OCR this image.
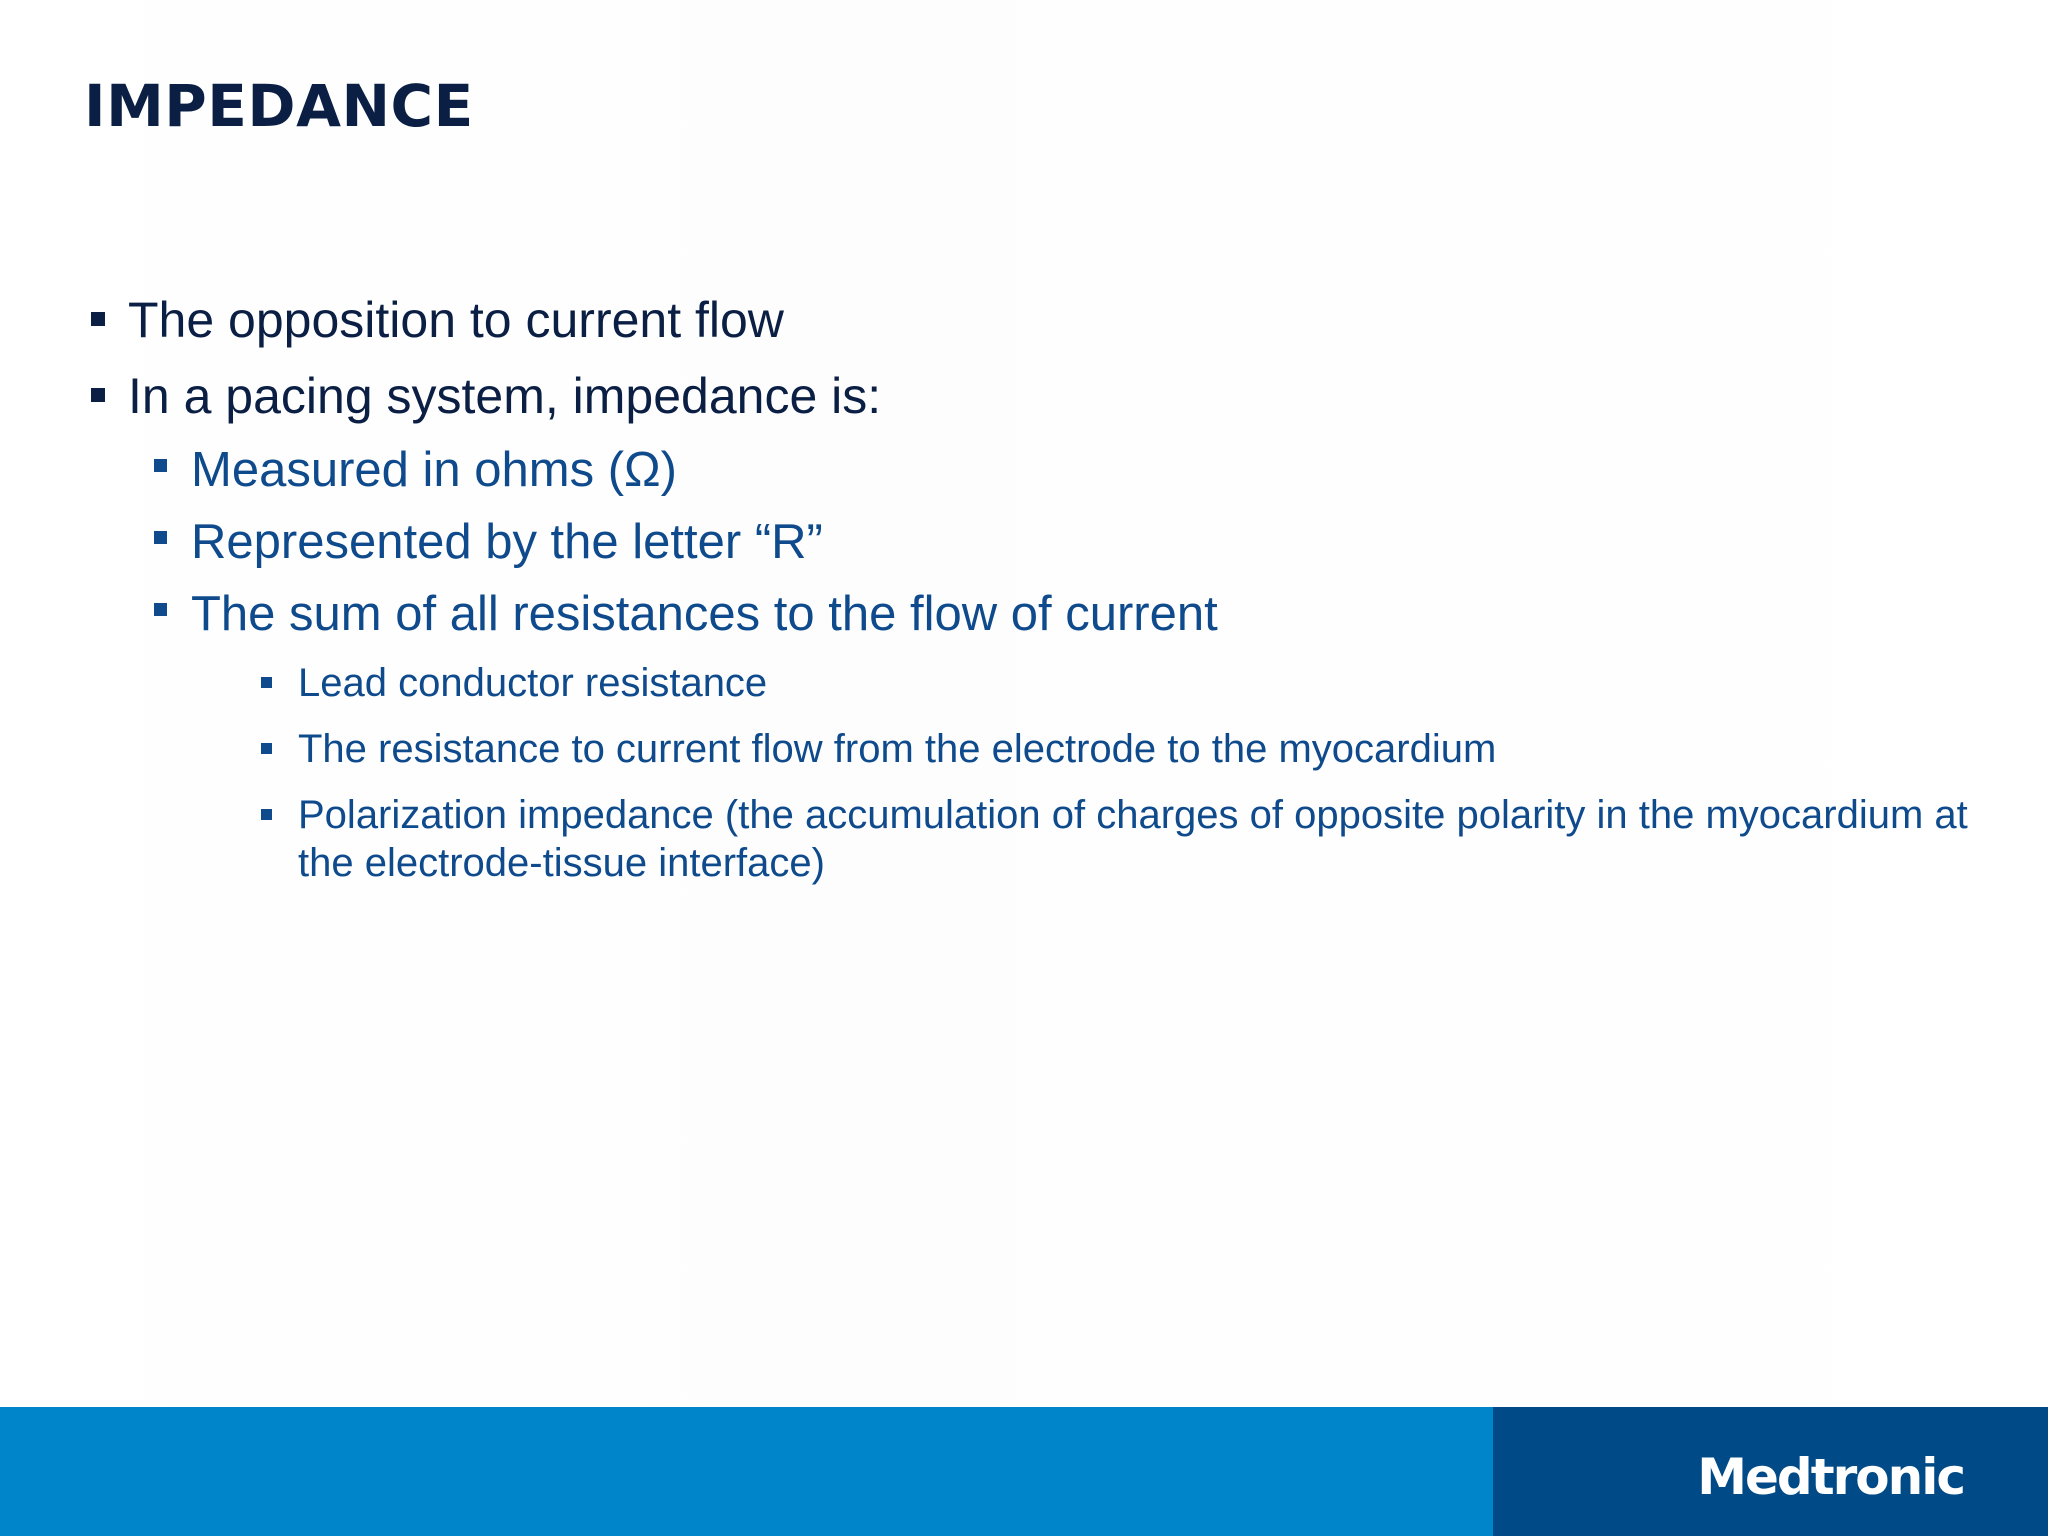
IMPEDANCE
The opposition to current flow
In a pacing system, impedance is:
Measured in ohms (Ω)
Represented by the letter “R”
The sum of all resistances to the flow of current
Lead conductor resistance
The resistance to current flow from the electrode to the myocardium
Polarization impedance (the accumulation of charges of opposite polarity in the myocardium at the electrode-tissue interface)
Medtronic
